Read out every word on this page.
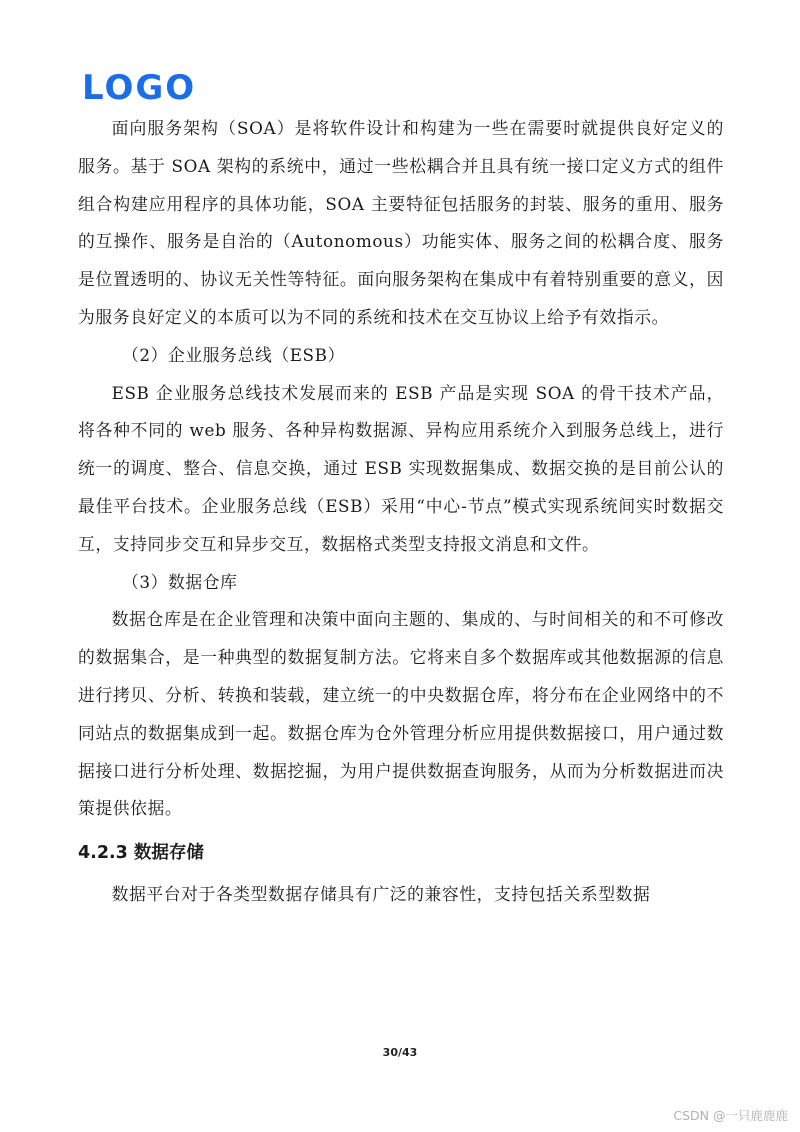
LOGO

面向服务架构（SOA）是将软件设计和构建为一些在需要时就提供良好定义的服务。基于 SOA 架构的系统中，通过一些松耦合并且具有统一接口定义方式的组件组合构建应用程序的具体功能，SOA 主要特征包括服务的封装、服务的重用、服务的互操作、服务是自治的（Autonomous）功能实体、服务之间的松耦合度、服务是位置透明的、协议无关性等特征。面向服务架构在集成中有着特别重要的意义，因为服务良好定义的本质可以为不同的系统和技术在交互协议上给予有效指示。

（2）企业服务总线（ESB）

ESB 企业服务总线技术发展而来的 ESB 产品是实现 SOA 的骨干技术产品，将各种不同的 web 服务、各种异构数据源、异构应用系统介入到服务总线上，进行统一的调度、整合、信息交换，通过 ESB 实现数据集成、数据交换的是目前公认的最佳平台技术。企业服务总线（ESB）采用“中心-节点”模式实现系统间实时数据交互，支持同步交互和异步交互，数据格式类型支持报文消息和文件。

（3）数据仓库

数据仓库是在企业管理和决策中面向主题的、集成的、与时间相关的和不可修改的数据集合，是一种典型的数据复制方法。它将来自多个数据库或其他数据源的信息进行拷贝、分析、转换和装载，建立统一的中央数据仓库，将分布在企业网络中的不同站点的数据集成到一起。数据仓库为仓外管理分析应用提供数据接口，用户通过数据接口进行分析处理、数据挖掘，为用户提供数据查询服务，从而为分析数据进而决策提供依据。

4.2.3 数据存储

数据平台对于各类型数据存储具有广泛的兼容性，支持包括关系型数据

30/43
CSDN @一只鹿鹿鹿
